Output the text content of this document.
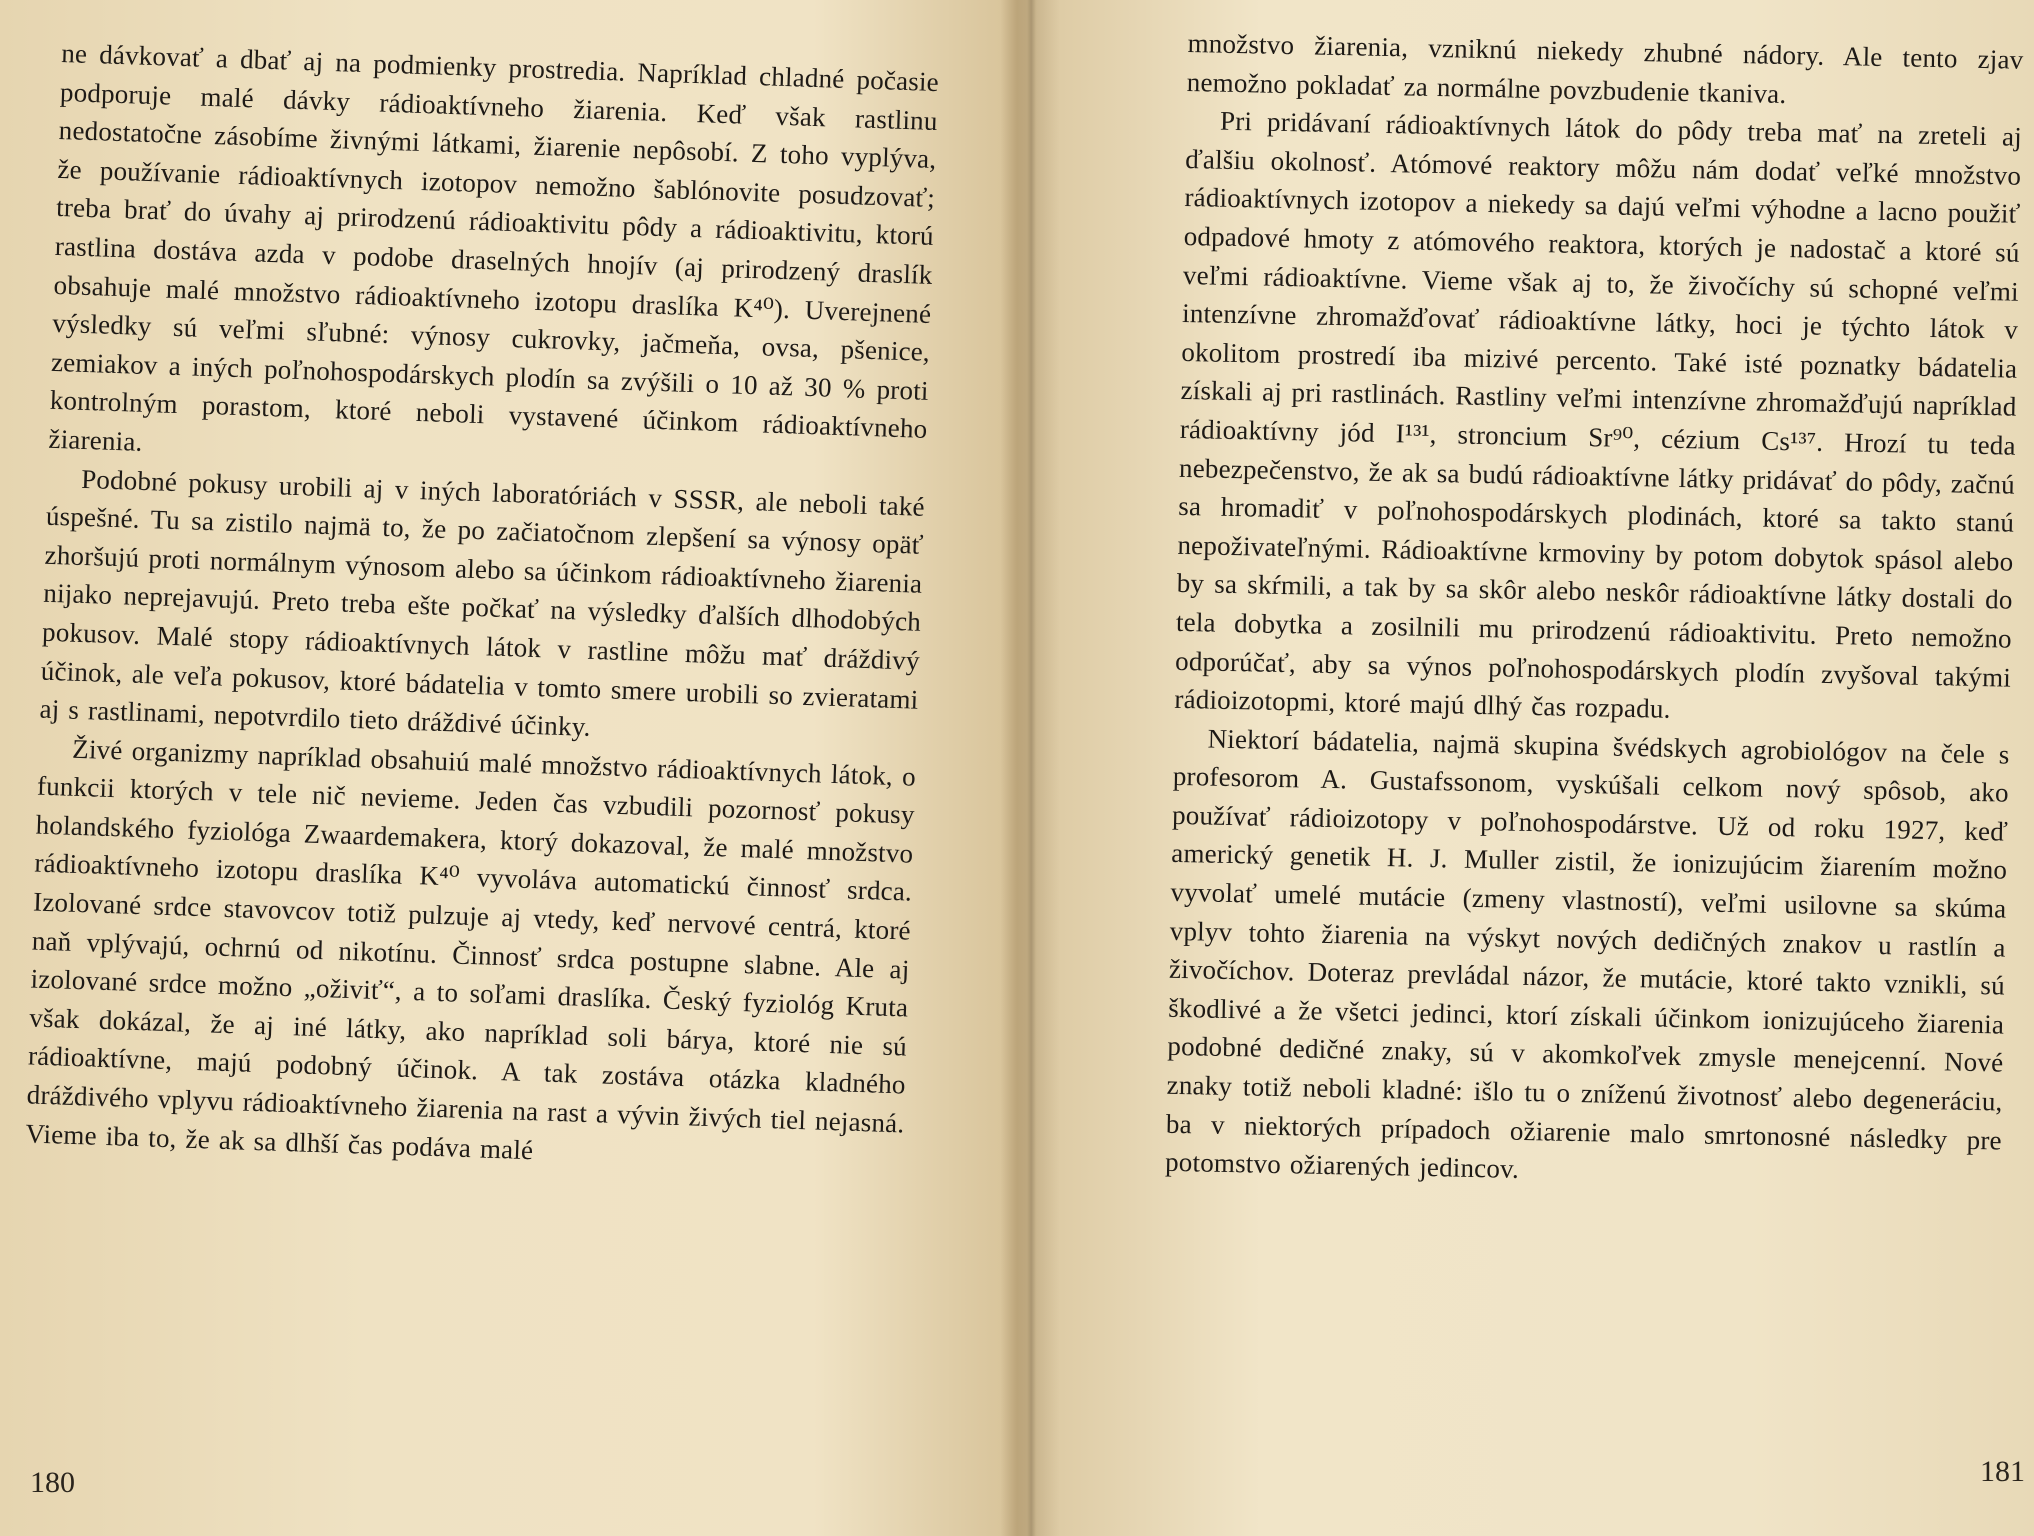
ne dávkovať a dbať aj na podmienky prostredia. Napríklad chladné počasie podporuje malé dávky rádioaktívneho žiarenia. Keď však rastlinu nedostatočne zásobíme živnými látkami, žiarenie nepôsobí. Z toho vyplýva, že používanie rádioaktívnych izotopov nemožno šablónovite posudzovať; treba brať do úvahy aj prirodzenú rádioaktivitu pôdy a rádioaktivitu, ktorú rastlina dostáva azda v podobe draselných hnojív (aj prirodzený draslík obsahuje malé množstvo rádioaktívneho izotopu draslíka K⁴⁰). Uverejnené výsledky sú veľmi sľubné: výnosy cukrovky, jačmeňa, ovsa, pšenice, zemiakov a iných poľnohospodárskych plodín sa zvýšili o 10 až 30 % proti kontrolným porastom, ktoré neboli vystavené účinkom rádioaktívneho žiarenia.

Podobné pokusy urobili aj v iných laboratóriách v SSSR, ale neboli také úspešné. Tu sa zistilo najmä to, že po začiatočnom zlepšení sa výnosy opäť zhoršujú proti normálnym výnosom alebo sa účinkom rádioaktívneho žiarenia nijako neprejavujú. Preto treba ešte počkať na výsledky ďalších dlhodobých pokusov. Malé stopy rádioaktívnych látok v rastline môžu mať dráždivý účinok, ale veľa pokusov, ktoré bádatelia v tomto smere urobili so zvieratami aj s rastlinami, nepotvrdilo tieto dráždivé účinky.

Živé organizmy napríklad obsahuiú malé množstvo rádioaktívnych látok, o funkcii ktorých v tele nič nevieme. Jeden čas vzbudili pozornosť pokusy holandského fyziológa Zwaardemakera, ktorý dokazoval, že malé množstvo rádioaktívneho izotopu draslíka K⁴⁰ vyvoláva automatickú činnosť srdca. Izolované srdce stavovcov totiž pulzuje aj vtedy, keď nervové centrá, ktoré naň vplývajú, ochrnú od nikotínu. Činnosť srdca postupne slabne. Ale aj izolované srdce možno „oživiť“, a to soľami draslíka. Český fyziológ Kruta však dokázal, že aj iné látky, ako napríklad soli bárya, ktoré nie sú rádioaktívne, majú podobný účinok. A tak zostáva otázka kladného dráždivého vplyvu rádioaktívneho žiarenia na rast a vývin živých tiel nejasná. Vieme iba to, že ak sa dlhší čas podáva malé

180

množstvo žiarenia, vzniknú niekedy zhubné nádory. Ale tento zjav nemožno pokladať za normálne povzbudenie tkaniva.

Pri pridávaní rádioaktívnych látok do pôdy treba mať na zreteli aj ďalšiu okolnosť. Atómové reaktory môžu nám dodať veľké množstvo rádioaktívnych izotopov a niekedy sa dajú veľmi výhodne a lacno použiť odpadové hmoty z atómového reaktora, ktorých je nadostač a ktoré sú veľmi rádioaktívne. Vieme však aj to, že živočíchy sú schopné veľmi intenzívne zhromažďovať rádioaktívne látky, hoci je týchto látok v okolitom prostredí iba mizivé percento. Také isté poznatky bádatelia získali aj pri rastlinách. Rastliny veľmi intenzívne zhromažďujú napríklad rádioaktívny jód I¹³¹, stroncium Sr⁹⁰, cézium Cs¹³⁷. Hrozí tu teda nebezpečenstvo, že ak sa budú rádioaktívne látky pridávať do pôdy, začnú sa hromadiť v poľnohospodárskych plodinách, ktoré sa takto stanú nepoživateľnými. Rádioaktívne krmoviny by potom dobytok spásol alebo by sa skŕmili, a tak by sa skôr alebo neskôr rádioaktívne látky dostali do tela dobytka a zosilnili mu prirodzenú rádioaktivitu. Preto nemožno odporúčať, aby sa výnos poľnohospodárskych plodín zvyšoval takými rádioizotopmi, ktoré majú dlhý čas rozpadu.

Niektorí bádatelia, najmä skupina švédskych agrobiológov na čele s profesorom A. Gustafssonom, vyskúšali celkom nový spôsob, ako používať rádioizotopy v poľnohospodárstve. Už od roku 1927, keď americký genetik H. J. Muller zistil, že ionizujúcim žiarením možno vyvolať umelé mutácie (zmeny vlastností), veľmi usilovne sa skúma vplyv tohto žiarenia na výskyt nových dedičných znakov u rastlín a živočíchov. Doteraz prevládal názor, že mutácie, ktoré takto vznikli, sú škodlivé a že všetci jedinci, ktorí získali účinkom ionizujúceho žiarenia podobné dedičné znaky, sú v akomkoľvek zmysle menejcenní. Nové znaky totiž neboli kladné: išlo tu o zníženú životnosť alebo degeneráciu, ba v niektorých prípadoch ožiarenie malo smrtonosné následky pre potomstvo ožiarených jedincov.

181
